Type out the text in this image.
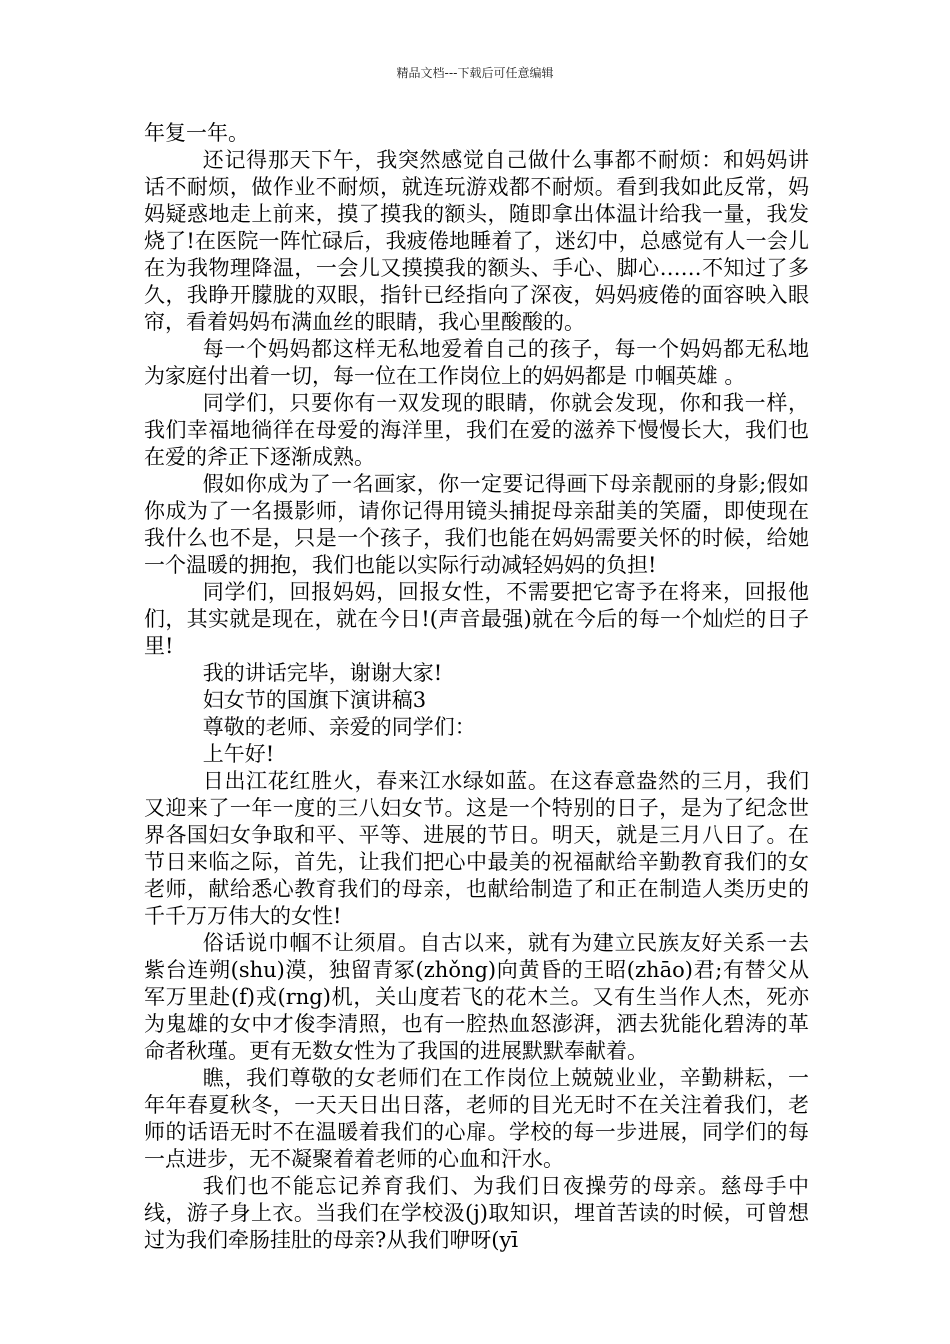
精品文档---下载后可任意编辑

年复一年。

还记得那天下午，我突然感觉自己做什么事都不耐烦：和妈妈讲话不耐烦，做作业不耐烦，就连玩游戏都不耐烦。看到我如此反常，妈妈疑惑地走上前来，摸了摸我的额头，随即拿出体温计给我一量，我发烧了!在医院一阵忙碌后，我疲倦地睡着了，迷幻中，总感觉有人一会儿在为我物理降温，一会儿又摸摸我的额头、手心、脚心……不知过了多久，我睁开朦胧的双眼，指针已经指向了深夜，妈妈疲倦的面容映入眼帘，看着妈妈布满血丝的眼睛，我心里酸酸的。

每一个妈妈都这样无私地爱着自己的孩子，每一个妈妈都无私地为家庭付出着一切，每一位在工作岗位上的妈妈都是 巾帼英雄 。

同学们，只要你有一双发现的眼睛，你就会发现，你和我一样，我们幸福地徜徉在母爱的海洋里，我们在爱的滋养下慢慢长大，我们也在爱的斧正下逐渐成熟。

假如你成为了一名画家，你一定要记得画下母亲靓丽的身影;假如你成为了一名摄影师，请你记得用镜头捕捉母亲甜美的笑靥，即使现在我什么也不是，只是一个孩子，我们也能在妈妈需要关怀的时候，给她一个温暖的拥抱，我们也能以实际行动减轻妈妈的负担!

同学们，回报妈妈，回报女性，不需要把它寄予在将来，回报他们，其实就是现在，就在今日!(声音最强)就在今后的每一个灿烂的日子里!

我的讲话完毕，谢谢大家!

妇女节的国旗下演讲稿3

尊敬的老师、亲爱的同学们：

上午好!

日出江花红胜火，春来江水绿如蓝。在这春意盎然的三月，我们又迎来了一年一度的三八妇女节。这是一个特别的日子，是为了纪念世界各国妇女争取和平、平等、进展的节日。明天，就是三月八日了。在节日来临之际，首先，让我们把心中最美的祝福献给辛勤教育我们的女老师，献给悉心教育我们的母亲，也献给制造了和正在制造人类历史的千千万万伟大的女性!

俗话说巾帼不让须眉。自古以来，就有为建立民族友好关系一去紫台连朔(shu)漠，独留青冢(zhǒng)向黄昏的王昭(zhāo)君;有替父从军万里赴(f)戎(rng)机，关山度若飞的花木兰。又有生当作人杰，死亦为鬼雄的女中才俊李清照，也有一腔热血怒澎湃，洒去犹能化碧涛的革命者秋瑾。更有无数女性为了我国的进展默默奉献着。

瞧，我们尊敬的女老师们在工作岗位上兢兢业业，辛勤耕耘，一年年春夏秋冬，一天天日出日落，老师的目光无时不在关注着我们，老师的话语无时不在温暖着我们的心扉。学校的每一步进展，同学们的每一点进步，无不凝聚着着老师的心血和汗水。

我们也不能忘记养育我们、为我们日夜操劳的母亲。慈母手中线，游子身上衣。当我们在学校汲(j)取知识，埋首苦读的时候，可曾想过为我们牵肠挂肚的母亲?从我们咿呀(yī
